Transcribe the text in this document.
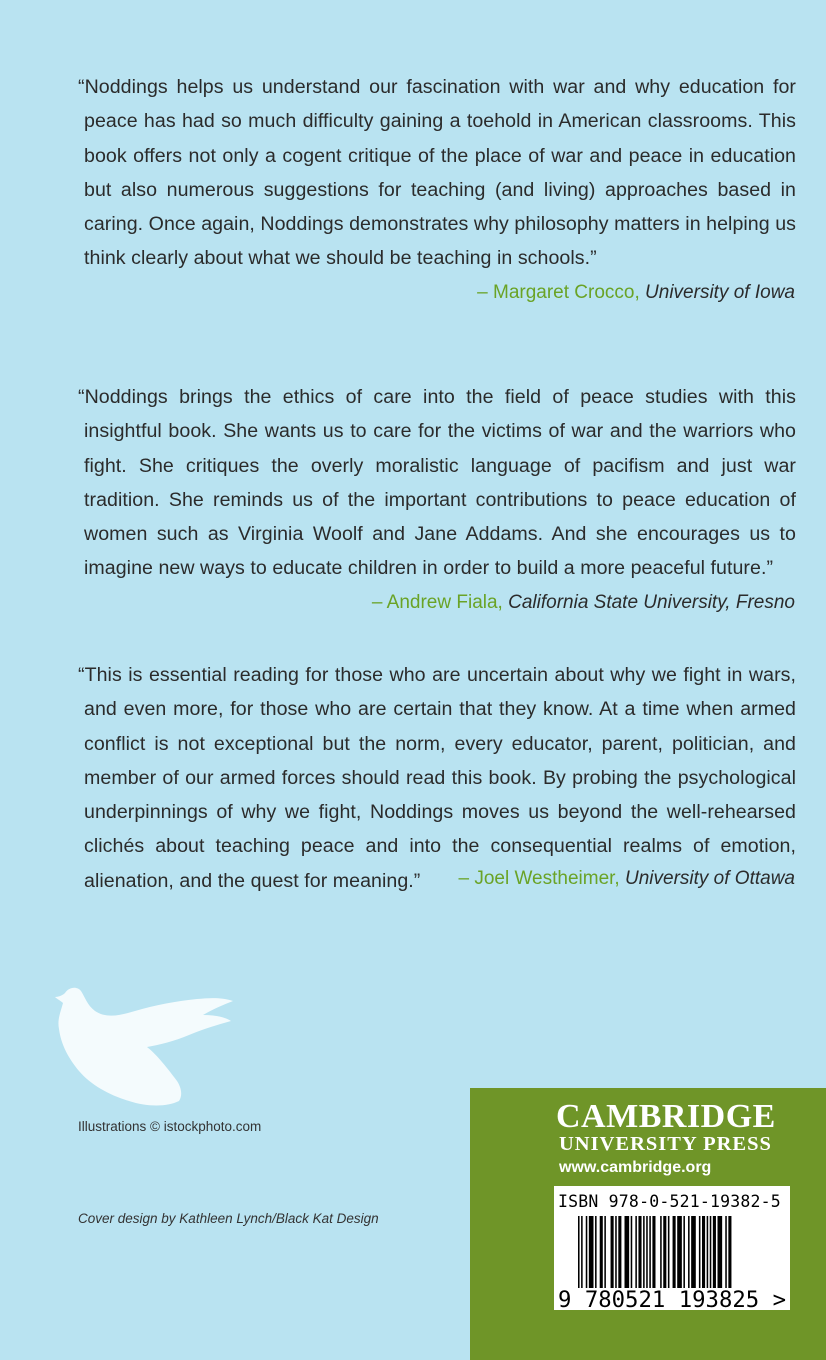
“Noddings helps us understand our fascination with war and why education for peace has had so much difficulty gaining a toehold in American classrooms. This book offers not only a cogent critique of the place of war and peace in education but also numerous suggestions for teaching (and living) approaches based in caring. Once again, Noddings demonstrates why philosophy matters in helping us think clearly about what we should be teaching in schools.”

– Margaret Crocco, University of Iowa

“Noddings brings the ethics of care into the field of peace studies with this insightful book. She wants us to care for the victims of war and the warriors who fight. She critiques the overly moralistic language of pacifism and just war tradition. She reminds us of the important contributions to peace education of women such as Virginia Woolf and Jane Addams. And she encourages us to imagine new ways to educate children in order to build a more peaceful future.”

– Andrew Fiala, California State University, Fresno

“This is essential reading for those who are uncertain about why we fight in wars, and even more, for those who are certain that they know. At a time when armed conflict is not exceptional but the norm, every educator, parent, politician, and member of our armed forces should read this book. By probing the psychological underpinnings of why we fight, Noddings moves us beyond the well-rehearsed clichés about teaching peace and into the consequential realms of emotion, alienation, and the quest for meaning.”	– Joel Westheimer, University of Ottawa
Illustrations © istockphoto.com
Cover design by Kathleen Lynch/Black Kat Design
CAMBRIDGE
UNIVERSITY PRESS
www.cambridge.org
ISBN 978-0-521-19382-5
9 780521 193825 >
